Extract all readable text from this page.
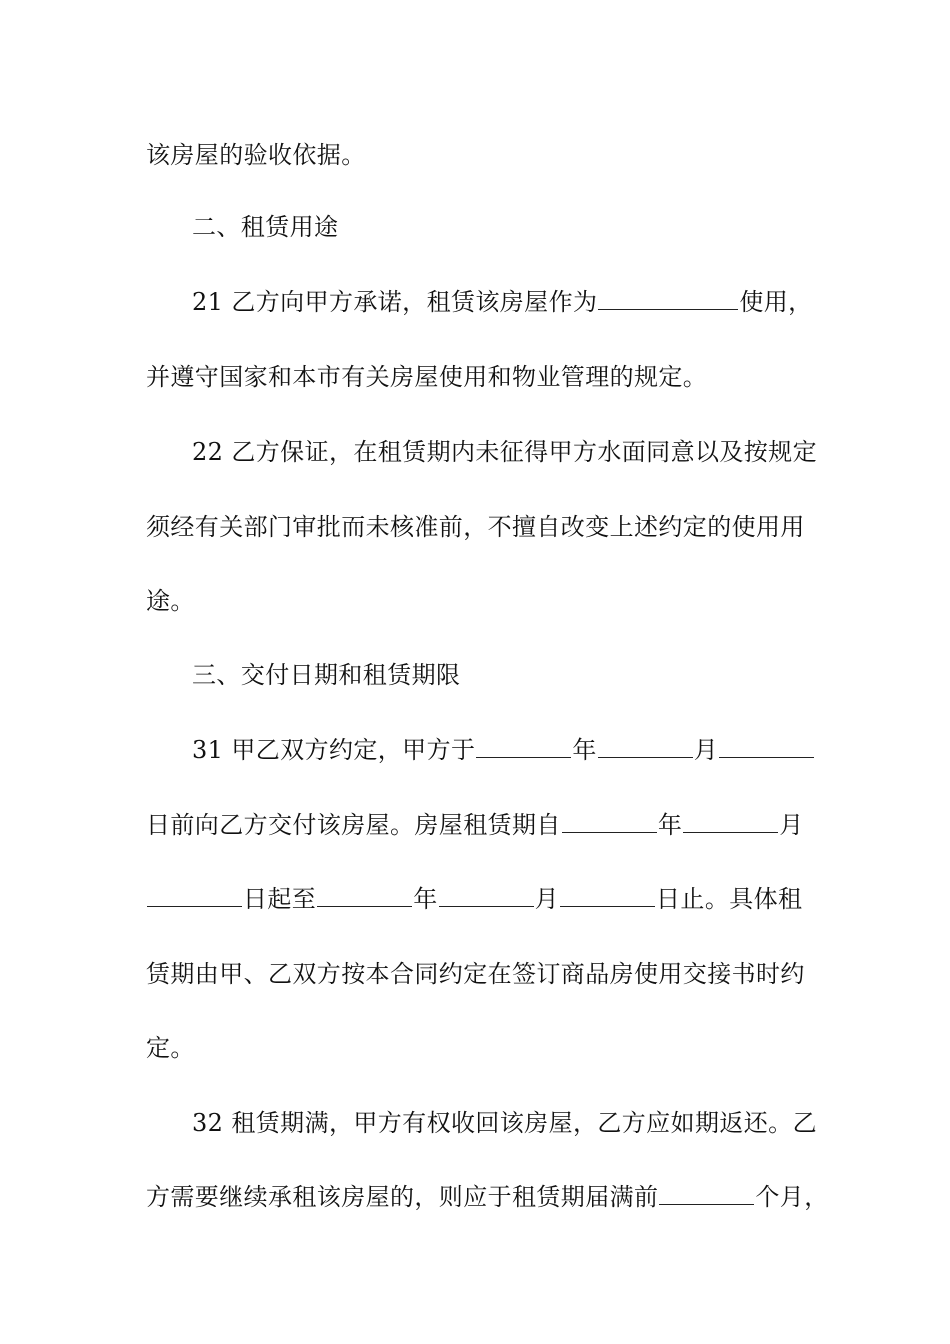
该房屋的验收依据。
二、租赁用途
21 乙方向甲方承诺，租赁该房屋作为	使用，
并遵守国家和本市有关房屋使用和物业管理的规定。
22 乙方保证，在租赁期内未征得甲方水面同意以及按规定
须经有关部门审批而未核准前，不擅自改变上述约定的使用用
途。
三、交付日期和租赁期限
31 甲乙双方约定，甲方于	年	月
日前向乙方交付该房屋。房屋租赁期自	年	月
日起至	年	月	日止。具体租
赁期由甲、乙双方按本合同约定在签订商品房使用交接书时约
定。
32 租赁期满，甲方有权收回该房屋，乙方应如期返还。乙
方需要继续承租该房屋的，则应于租赁期届满前	个月，
